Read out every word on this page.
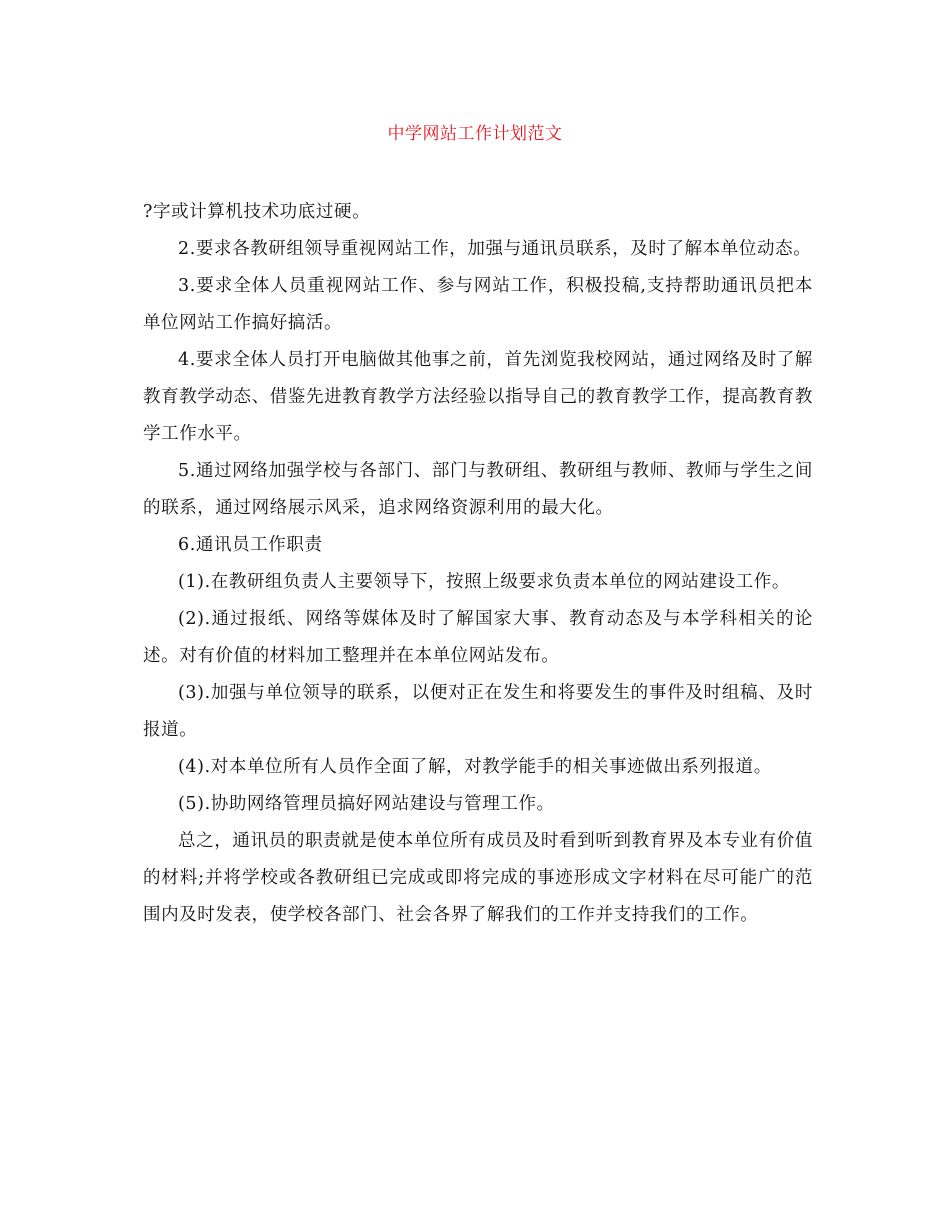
中学网站工作计划范文

?字或计算机技术功底过硬。

2.要求各教研组领导重视网站工作，加强与通讯员联系，及时了解本单位动态。

3.要求全体人员重视网站工作、参与网站工作，积极投稿,支持帮助通讯员把本单位网站工作搞好搞活。

4.要求全体人员打开电脑做其他事之前，首先浏览我校网站，通过网络及时了解教育教学动态、借鉴先进教育教学方法经验以指导自己的教育教学工作，提高教育教学工作水平。

5.通过网络加强学校与各部门、部门与教研组、教研组与教师、教师与学生之间的联系，通过网络展示风采，追求网络资源利用的最大化。

6.通讯员工作职责

(1).在教研组负责人主要领导下，按照上级要求负责本单位的网站建设工作。

(2).通过报纸、网络等媒体及时了解国家大事、教育动态及与本学科相关的论述。对有价值的材料加工整理并在本单位网站发布。

(3).加强与单位领导的联系，以便对正在发生和将要发生的事件及时组稿、及时报道。

(4).对本单位所有人员作全面了解，对教学能手的相关事迹做出系列报道。

(5).协助网络管理员搞好网站建设与管理工作。

总之，通讯员的职责就是使本单位所有成员及时看到听到教育界及本专业有价值的材料;并将学校或各教研组已完成或即将完成的事迹形成文字材料在尽可能广的范围内及时发表，使学校各部门、社会各界了解我们的工作并支持我们的工作。
